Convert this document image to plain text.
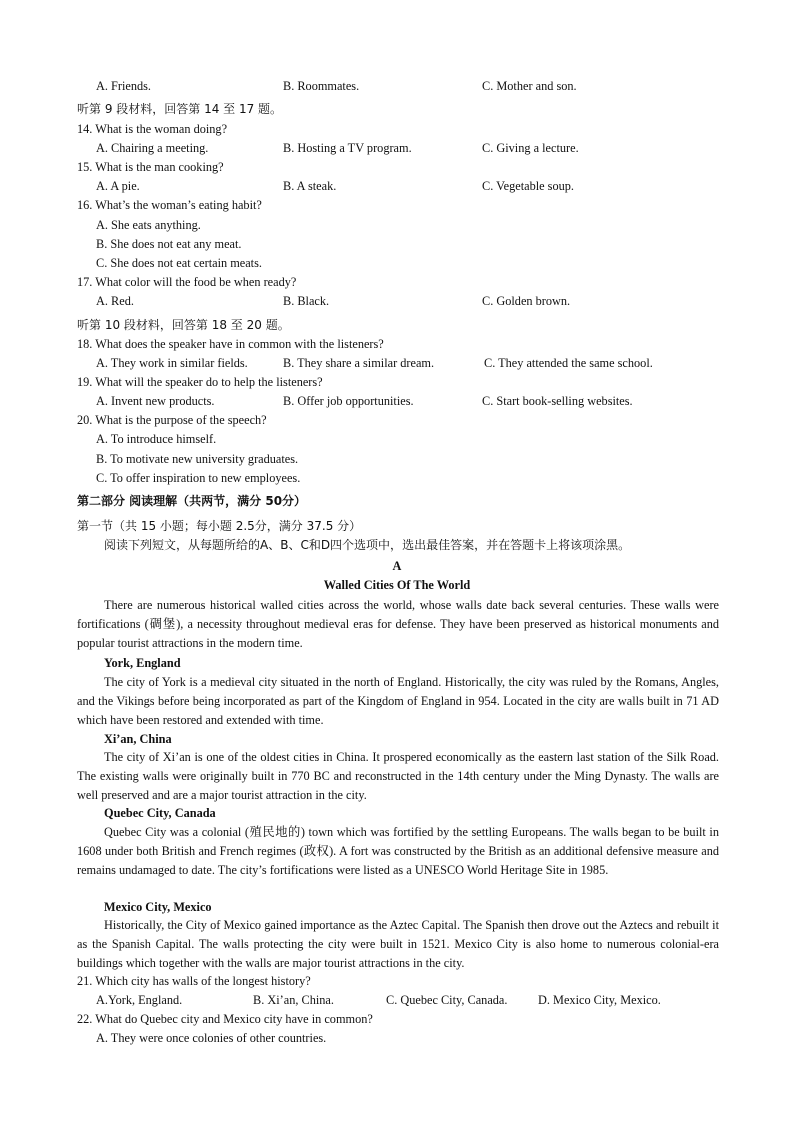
A. Friends.	B. Roommates.	C. Mother and son.
听第 9 段材料，回答第 14 至 17 题。
14. What is the woman doing?
A. Chairing a meeting.	B. Hosting a TV program.	C. Giving a lecture.
15. What is the man cooking?
A. A pie.	B. A steak.	C. Vegetable soup.
16. What’s the woman’s eating habit?
A. She eats anything.
B. She does not eat any meat.
C. She does not eat certain meats.
17. What color will the food be when ready?
A. Red.	B. Black.	C. Golden brown.
听第 10 段材料，回答第 18 至 20 题。
18. What does the speaker have in common with the listeners?
A. They work in similar fields.	B. They share a similar dream.	C. They attended the same school.
19. What will the speaker do to help the listeners?
A. Invent new products.	B. Offer job opportunities.	C. Start book-selling websites.
20. What is the purpose of the speech?
A. To introduce himself.
B. To motivate new university graduates.
C. To offer inspiration to new employees.
第二部分 阅读理解（共两节，满分 50分）
第一节（共 15 小题；每小题 2.5分，满分 37.5 分）
阅读下列短文，从每题所给的A、B、C和D四个选项中，选出最佳答案，并在答题卡上将该项涂黑。
A
Walled Cities Of The World
There are numerous historical walled cities across the world, whose walls date back several centuries. These walls were fortifications (碉堡), a necessity throughout medieval eras for defense. They have been preserved as historical monuments and popular tourist attractions in the modern time.
York, England
The city of York is a medieval city situated in the north of England. Historically, the city was ruled by the Romans, Angles, and the Vikings before being incorporated as part of the Kingdom of England in 954. Located in the city are walls built in 71 AD which have been restored and extended with time.
Xi’an, China
The city of Xi’an is one of the oldest cities in China. It prospered economically as the eastern last station of the Silk Road. The existing walls were originally built in 770 BC and reconstructed in the 14th century under the Ming Dynasty. The walls are well preserved and are a major tourist attraction in the city.
Quebec City, Canada
Quebec City was a colonial (殖民地的) town which was fortified by the settling Europeans. The walls began to be built in 1608 under both British and French regimes (政权). A fort was constructed by the British as an additional defensive measure and remains undamaged to date. The city’s fortifications were listed as a UNESCO World Heritage Site in 1985.
Mexico City, Mexico
Historically, the City of Mexico gained importance as the Aztec Capital. The Spanish then drove out the Aztecs and rebuilt it as the Spanish Capital. The walls protecting the city were built in 1521. Mexico City is also home to numerous colonial-era buildings which together with the walls are major tourist attractions in the city.
21. Which city has walls of the longest history?
A.York, England.	B. Xi’an, China.	C. Quebec City, Canada. D. Mexico City, Mexico.
22. What do Quebec city and Mexico city have in common?
A. They were once colonies of other countries.
